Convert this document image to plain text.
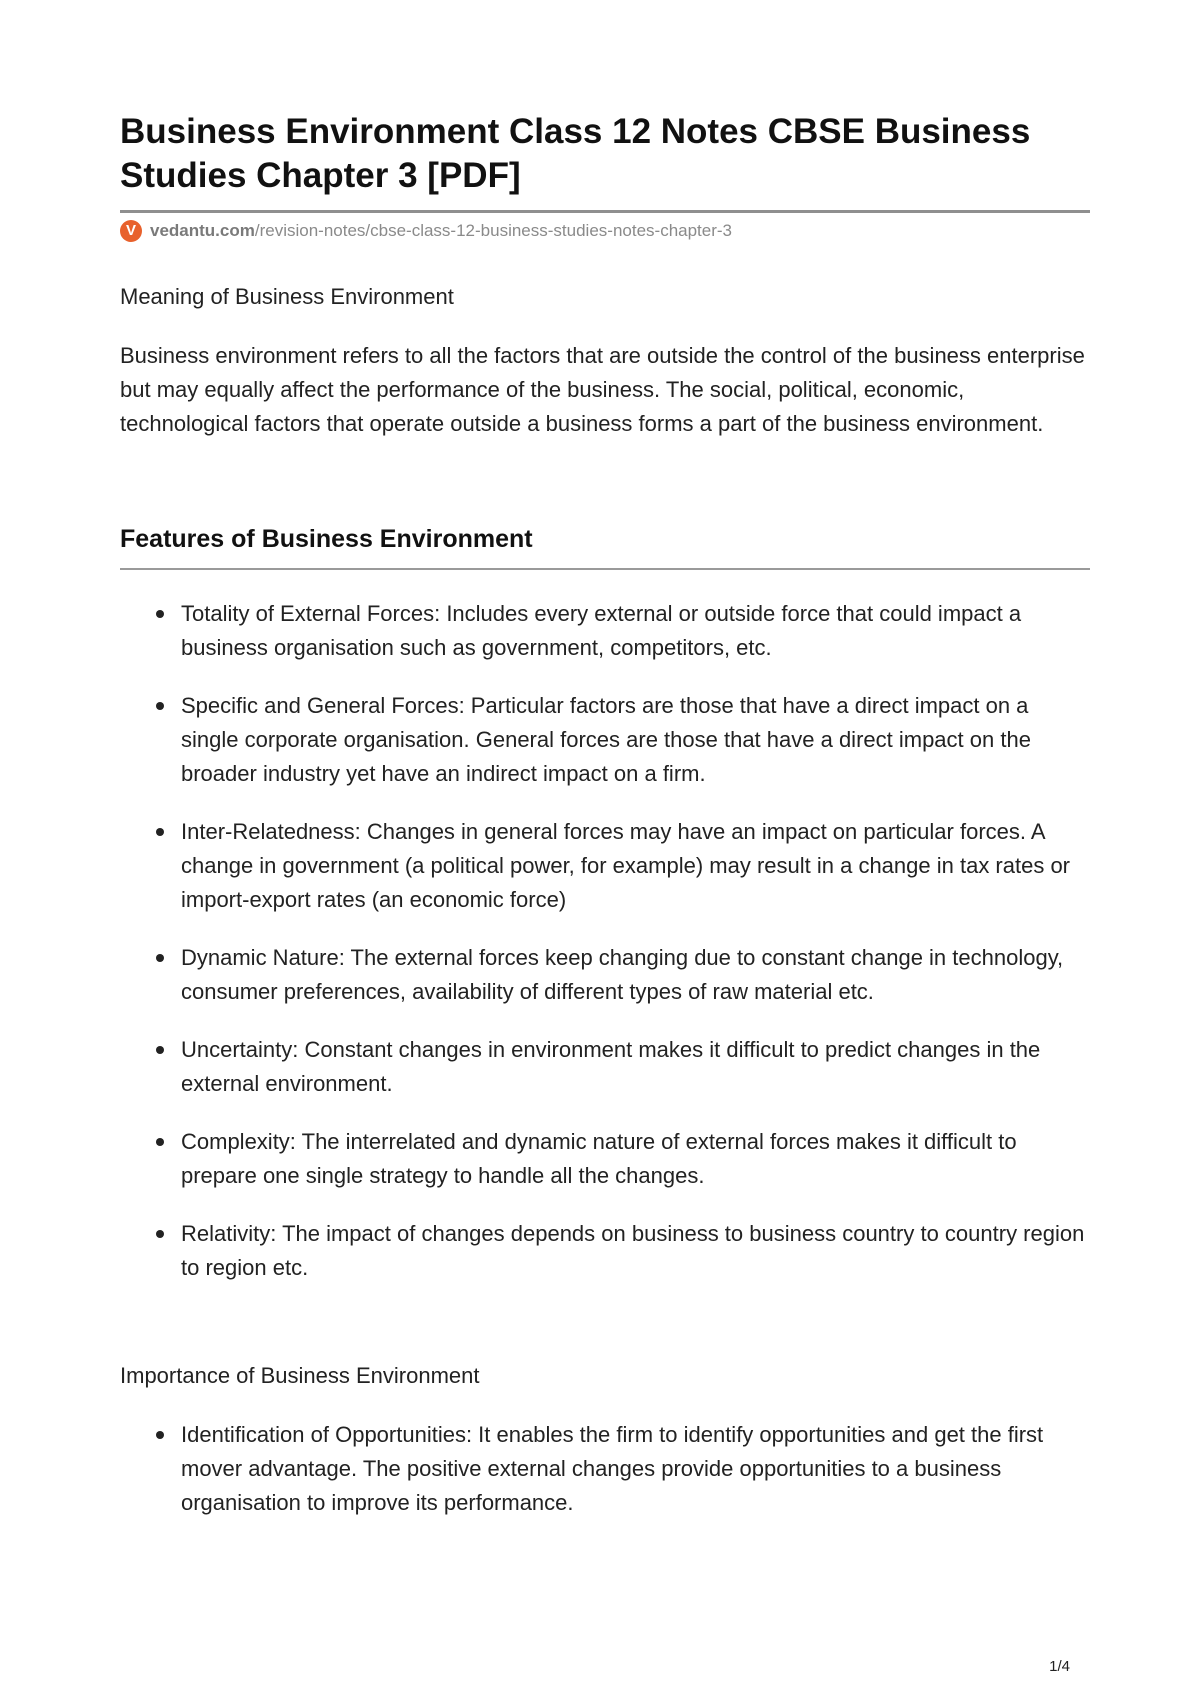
Business Environment Class 12 Notes CBSE Business Studies Chapter 3 [PDF]
V vedantu.com /revision-notes/cbse-class-12-business-studies-notes-chapter-3

Meaning of Business Environment

Business environment refers to all the factors that are outside the control of the business enterprise but may equally affect the performance of the business. The social, political, economic, technological factors that operate outside a business forms a part of the business environment.

Features of Business Environment
Totality of External Forces: Includes every external or outside force that could impact a business organisation such as government, competitors, etc.
Specific and General Forces: Particular factors are those that have a direct impact on a single corporate organisation. General forces are those that have a direct impact on the broader industry yet have an indirect impact on a firm.
Inter-Relatedness: Changes in general forces may have an impact on particular forces. A change in government (a political power, for example) may result in a change in tax rates or import-export rates (an economic force)
Dynamic Nature: The external forces keep changing due to constant change in technology, consumer preferences, availability of different types of raw material etc.
Uncertainty: Constant changes in environment makes it difficult to predict changes in the external environment.
Complexity: The interrelated and dynamic nature of external forces makes it difficult to prepare one single strategy to handle all the changes.
Relativity: The impact of changes depends on business to business country to country region to region etc.

Importance of Business Environment

Identification of Opportunities: It enables the firm to identify opportunities and get the first mover advantage. The positive external changes provide opportunities to a business organisation to improve its performance.
1/4
